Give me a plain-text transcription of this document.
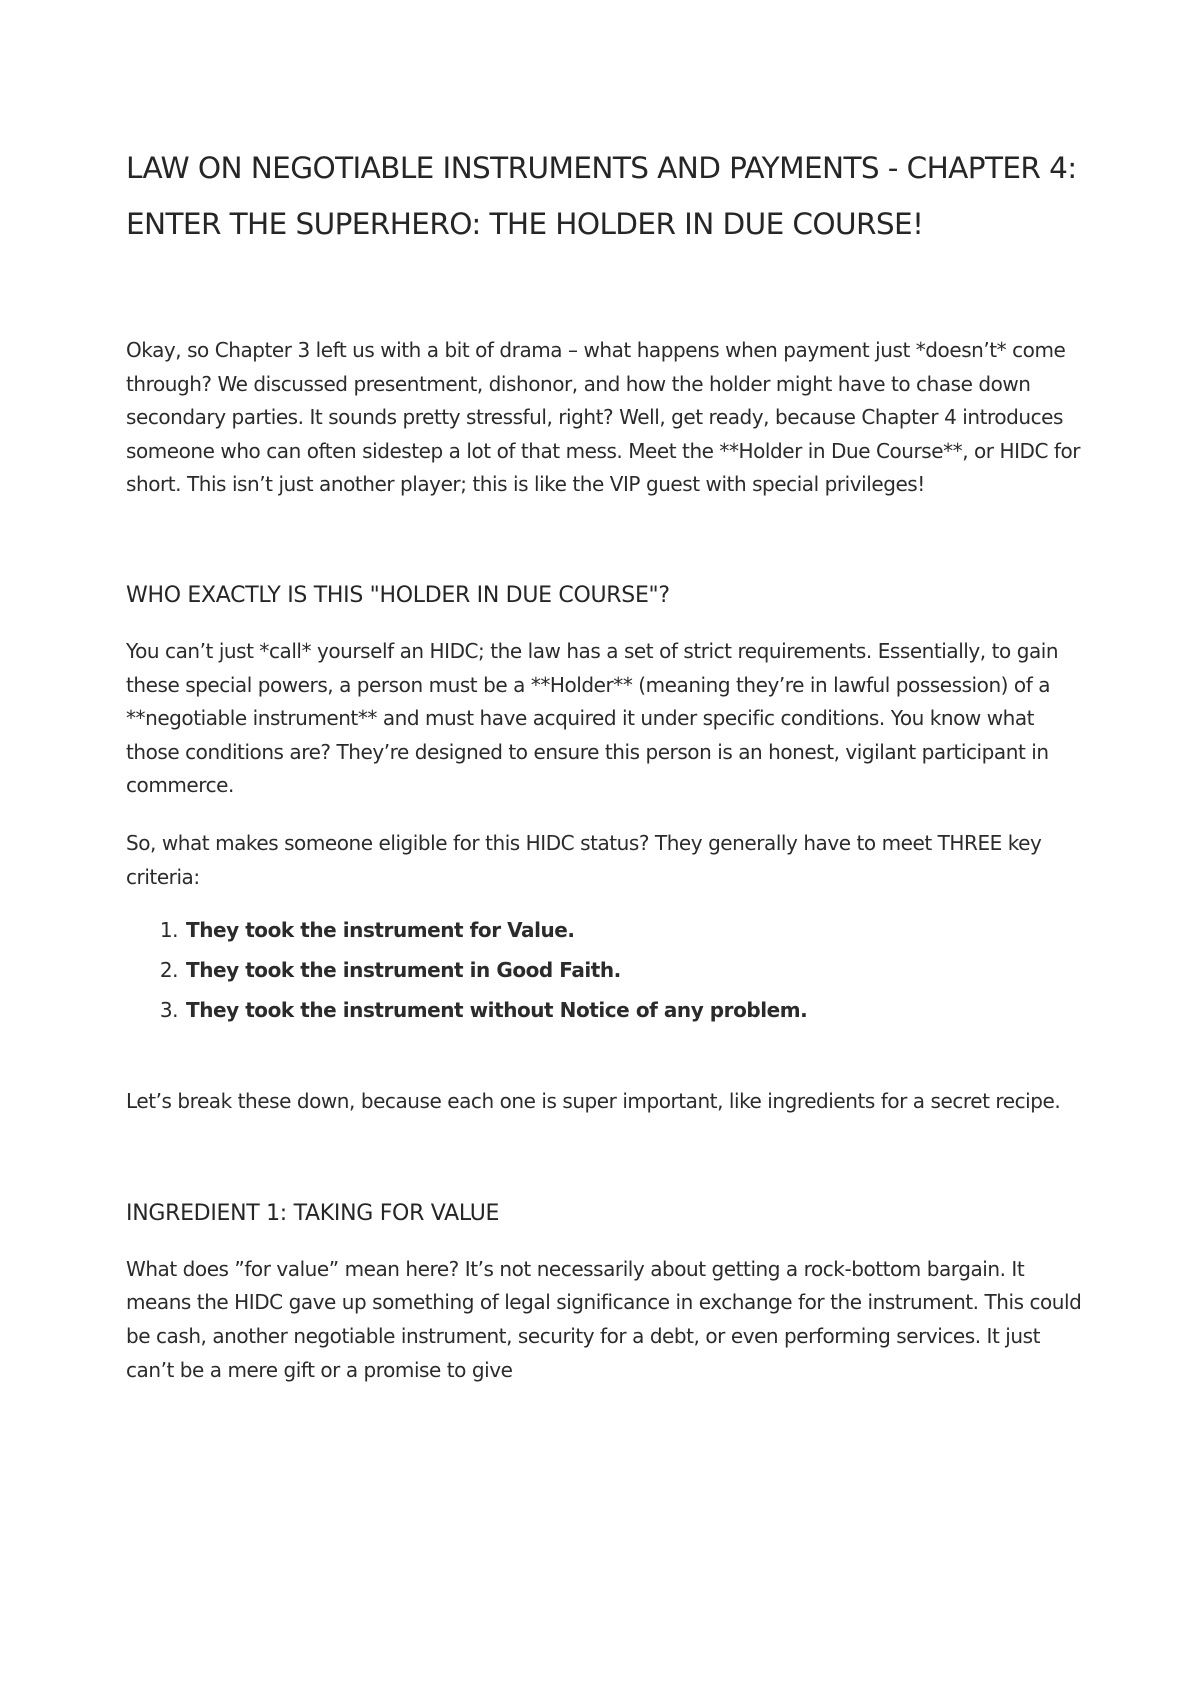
LAW ON NEGOTIABLE INSTRUMENTS AND PAYMENTS - CHAPTER 4: ENTER THE SUPERHERO: THE HOLDER IN DUE COURSE!

Okay, so Chapter 3 left us with a bit of drama – what happens when payment just *doesn’t* come through? We discussed presentment, dishonor, and how the holder might have to chase down secondary parties. It sounds pretty stressful, right? Well, get ready, because Chapter 4 introduces someone who can often sidestep a lot of that mess. Meet the **Holder in Due Course**, or HIDC for short. This isn’t just another player; this is like the VIP guest with special privileges!

WHO EXACTLY IS THIS "HOLDER IN DUE COURSE"?

You can’t just *call* yourself an HIDC; the law has a set of strict requirements. Essentially, to gain these special powers, a person must be a **Holder** (meaning they’re in lawful possession) of a **negotiable instrument** and must have acquired it under specific conditions. You know what those conditions are? They’re designed to ensure this person is an honest, vigilant participant in commerce.

So, what makes someone eligible for this HIDC status? They generally have to meet THREE key criteria:

1. They took the instrument for Value.
2. They took the instrument in Good Faith.
3. They took the instrument without Notice of any problem.

Let’s break these down, because each one is super important, like ingredients for a secret recipe.

INGREDIENT 1: TAKING FOR VALUE

What does ”for value” mean here? It’s not necessarily about getting a rock-bottom bargain. It means the HIDC gave up something of legal significance in exchange for the instrument. This could be cash, another negotiable instrument, security for a debt, or even performing services. It just can’t be a mere gift or a promise to give
